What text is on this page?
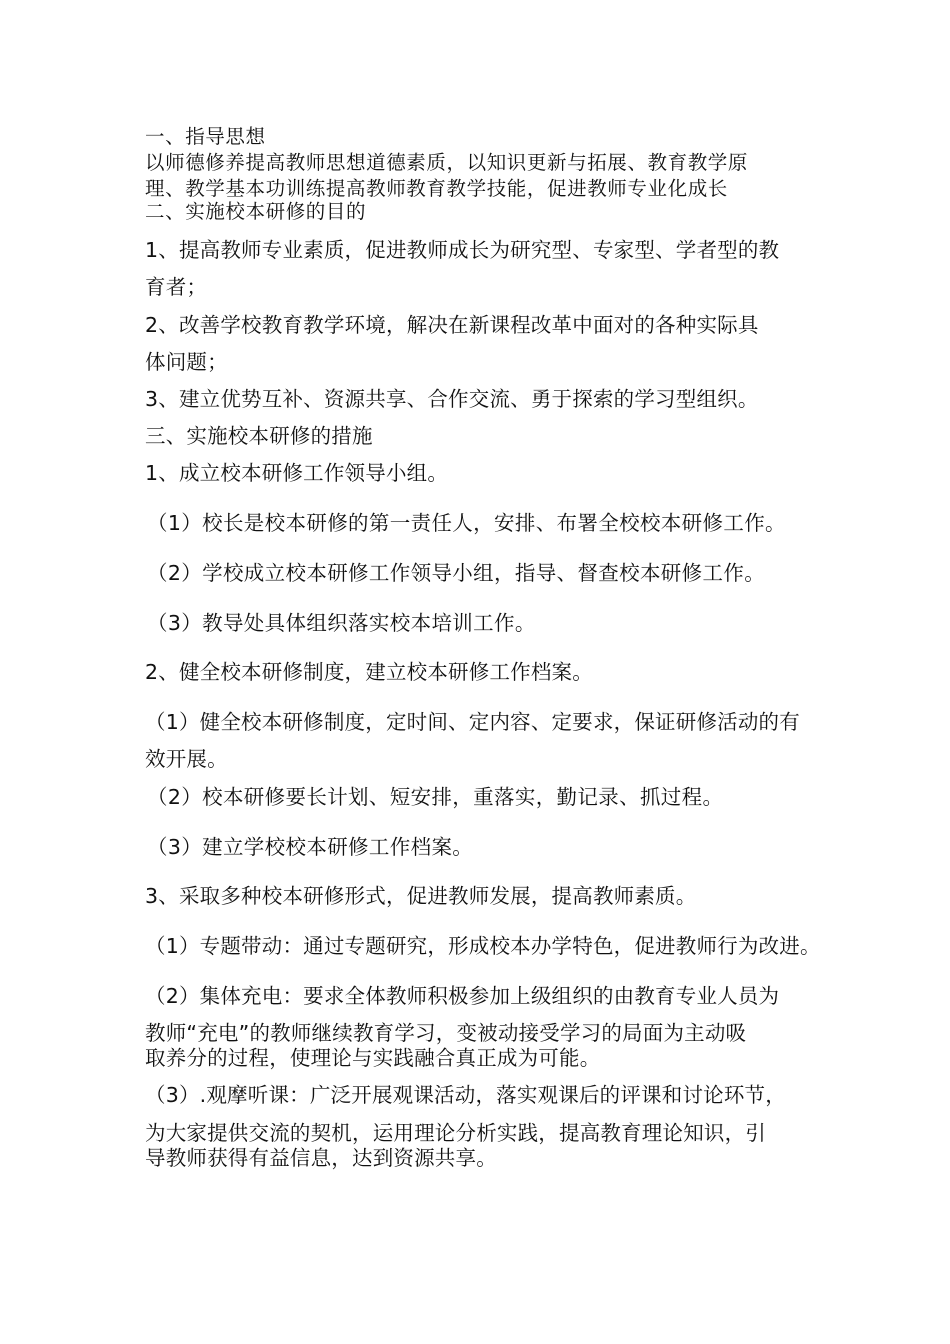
一、指导思想

以师德修养提高教师思想道德素质，以知识更新与拓展、教育教学原

理、教学基本功训练提高教师教育教学技能，促进教师专业化成长

二、实施校本研修的目的

1、提高教师专业素质，促进教师成长为研究型、专家型、学者型的教

育者；

2、改善学校教育教学环境，解决在新课程改革中面对的各种实际具

体问题；

3、建立优势互补、资源共享、合作交流、勇于探索的学习型组织。

三、实施校本研修的措施

1、成立校本研修工作领导小组。

（1）校长是校本研修的第一责任人，安排、布署全校校本研修工作。

（2）学校成立校本研修工作领导小组，指导、督查校本研修工作。

（3）教导处具体组织落实校本培训工作。

2、健全校本研修制度，建立校本研修工作档案。

（1）健全校本研修制度，定时间、定内容、定要求，保证研修活动的有

效开展。

（2）校本研修要长计划、短安排，重落实，勤记录、抓过程。

（3）建立学校校本研修工作档案。

3、采取多种校本研修形式，促进教师发展，提高教师素质。

（1）专题带动：通过专题研究，形成校本办学特色，促进教师行为改进。

（2）集体充电：要求全体教师积极参加上级组织的由教育专业人员为

教师“充电”的教师继续教育学习，变被动接受学习的局面为主动吸

取养分的过程，使理论与实践融合真正成为可能。

（3）.观摩听课：广泛开展观课活动，落实观课后的评课和讨论环节，

为大家提供交流的契机，运用理论分析实践，提高教育理论知识，引

导教师获得有益信息，达到资源共享。
